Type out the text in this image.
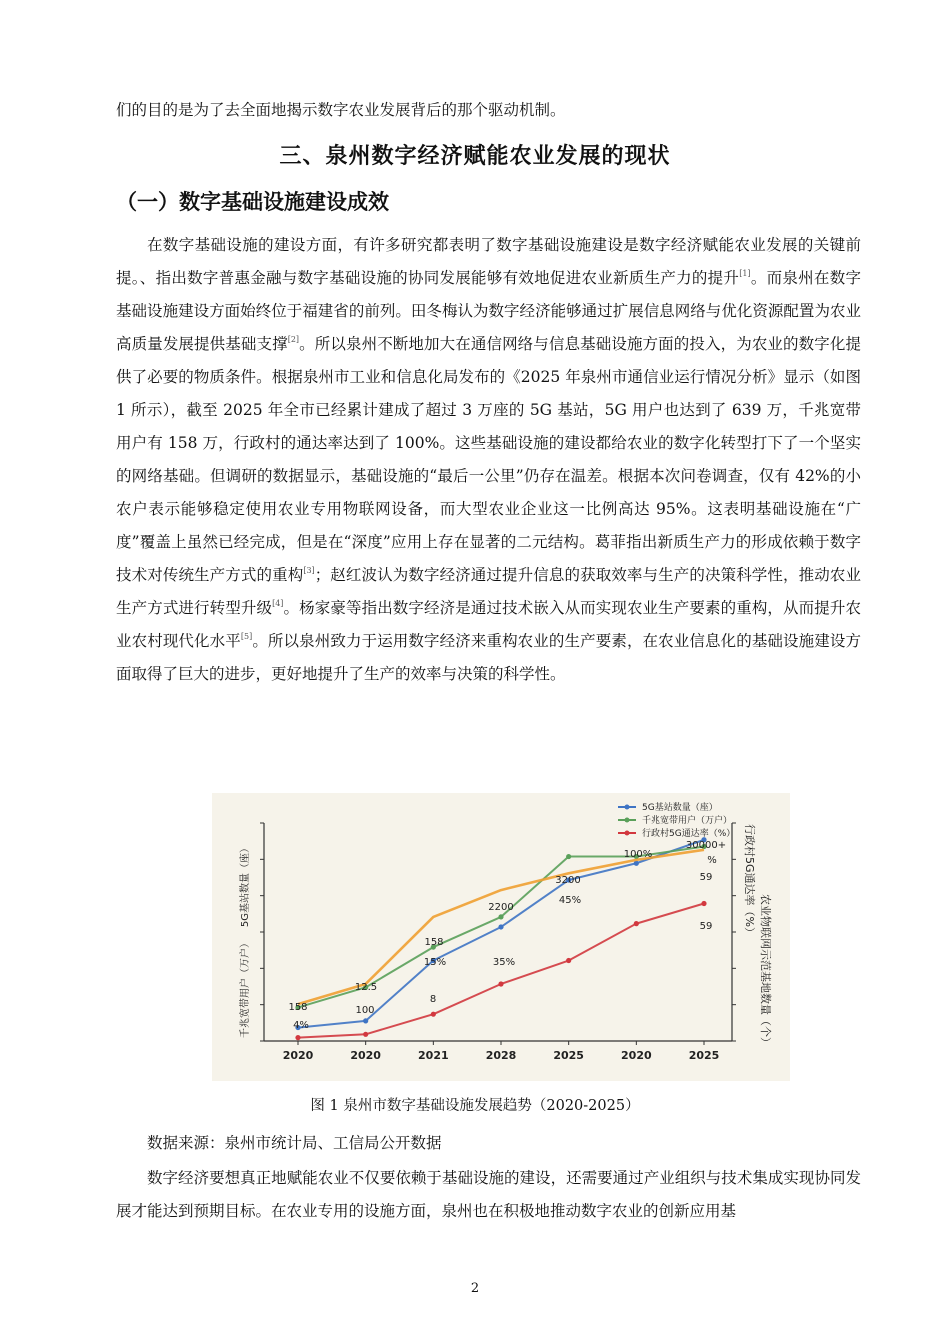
们的目的是为了去全面地揭示数字农业发展背后的那个驱动机制。

三、泉州数字经济赋能农业发展的现状
（一）数字基础设施建设成效

在数字基础设施的建设方面，有许多研究都表明了数字基础设施建设是数字经济赋能农业发展的关键前提。、指出数字普惠金融与数字基础设施的协同发展能够有效地促进农业新质生产力的提升[1]。而泉州在数字基础设施建设方面始终位于福建省的前列。田冬梅认为数字经济能够通过扩展信息网络与优化资源配置为农业高质量发展提供基础支撑[2]。所以泉州不断地加大在通信网络与信息基础设施方面的投入，为农业的数字化提供了必要的物质条件。根据泉州市工业和信息化局发布的《2025 年泉州市通信业运行情况分析》显示（如图 1 所示），截至 2025 年全市已经累计建成了超过 3 万座的 5G 基站，5G 用户也达到了 639 万，千兆宽带用户有 158 万，行政村的通达率达到了 100%。这些基础设施的建设都给农业的数字化转型打下了一个坚实的网络基础。但调研的数据显示，基础设施的“最后一公里”仍存在温差。根据本次问卷调查，仅有 42%的小农户表示能够稳定使用农业专用物联网设备，而大型农业企业这一比例高达 95%。这表明基础设施在“广度”覆盖上虽然已经完成，但是在“深度”应用上存在显著的二元结构。葛菲指出新质生产力的形成依赖于数字技术对传统生产方式的重构[3]；赵红波认为数字经济通过提升信息的获取效率与生产的决策科学性，推动农业生产方式进行转型升级[4]。杨家豪等指出数字经济是通过技术嵌入从而实现农业生产要素的重构，从而提升农业农村现代化水平[5]。所以泉州致力于运用数字经济来重构农业的生产要素，在农业信息化的基础设施建设方面取得了巨大的进步，更好地提升了生产的效率与决策的科学性。

2020	2020	2021	2028	2025	2020	2025
5G基站数量（座）
千兆宽带用户（万户）
行政村5G通达率（%）
农业物联网示范基地数量（个）
158
4%
12.5
100
158
15%
8
2200
35%
3200
45%
100%
30000+
%
59
59
5G基站数量（座）
千兆宽带用户（万户）
行政村5G通达率（%）

图 1 泉州市数字基础设施发展趋势（2020-2025）

数据来源：泉州市统计局、工信局公开数据

数字经济要想真正地赋能农业不仅要依赖于基础设施的建设，还需要通过产业组织与技术集成实现协同发展才能达到预期目标。在农业专用的设施方面，泉州也在积极地推动数字农业的创新应用基

2
